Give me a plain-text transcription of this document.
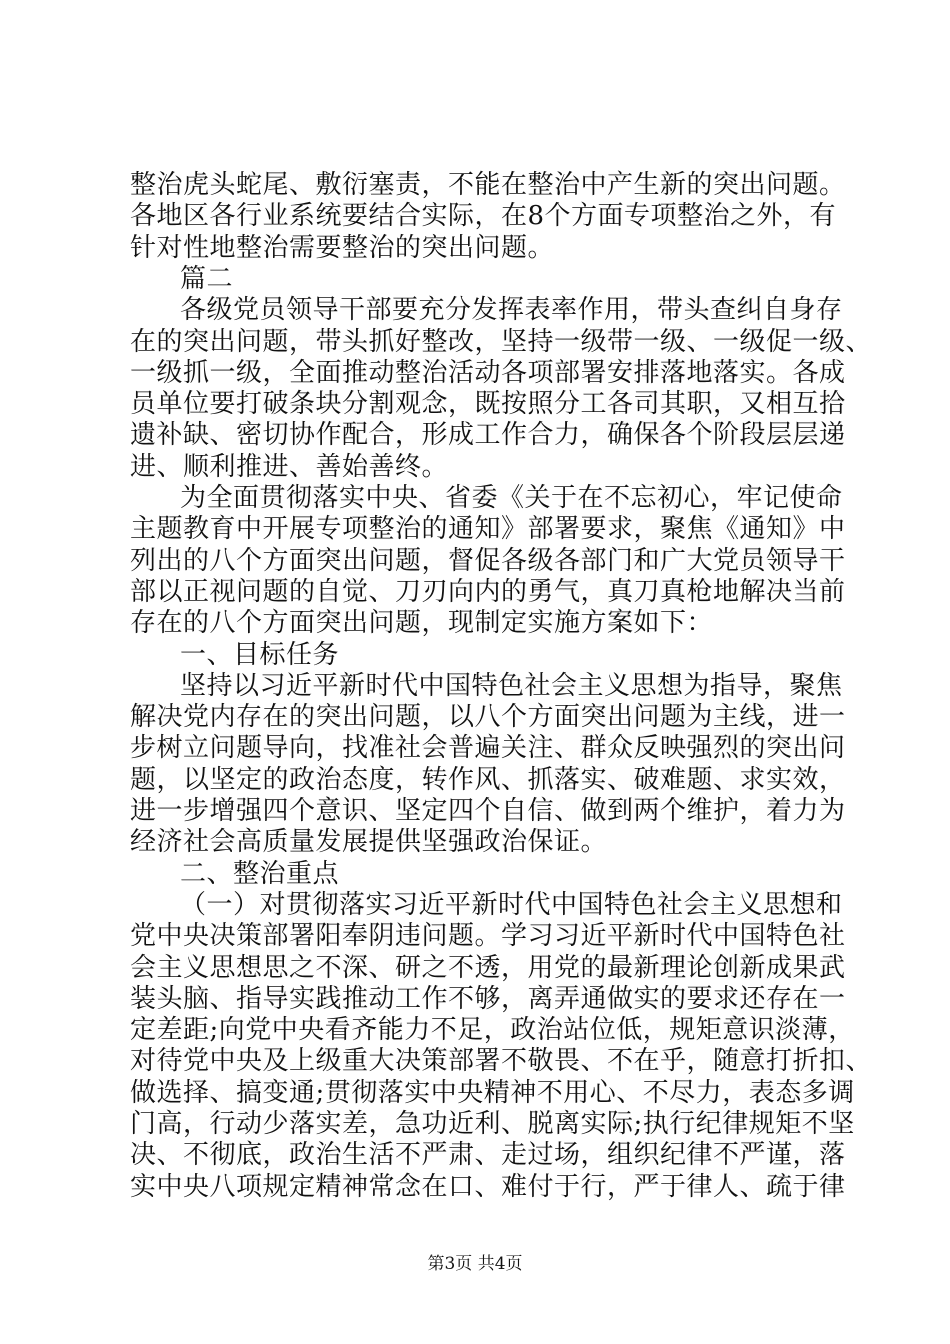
整治虎头蛇尾、敷衍塞责，不能在整治中产生新的突出问题。
各地区各行业系统要结合实际，在8个方面专项整治之外，有
针对性地整治需要整治的突出问题。
篇二
各级党员领导干部要充分发挥表率作用，带头查纠自身存
在的突出问题，带头抓好整改，坚持一级带一级、一级促一级、
一级抓一级，全面推动整治活动各项部署安排落地落实。各成
员单位要打破条块分割观念，既按照分工各司其职，又相互拾
遗补缺、密切协作配合，形成工作合力，确保各个阶段层层递
进、顺利推进、善始善终。
为全面贯彻落实中央、省委《关于在不忘初心，牢记使命
主题教育中开展专项整治的通知》部署要求，聚焦《通知》中
列出的八个方面突出问题，督促各级各部门和广大党员领导干
部以正视问题的自觉、刀刃向内的勇气，真刀真枪地解决当前
存在的八个方面突出问题，现制定实施方案如下：
一、目标任务
坚持以习近平新时代中国特色社会主义思想为指导，聚焦
解决党内存在的突出问题，以八个方面突出问题为主线，进一
步树立问题导向，找准社会普遍关注、群众反映强烈的突出问
题，以坚定的政治态度，转作风、抓落实、破难题、求实效，
进一步增强四个意识、坚定四个自信、做到两个维护，着力为
经济社会高质量发展提供坚强政治保证。
二、整治重点
（一）对贯彻落实习近平新时代中国特色社会主义思想和
党中央决策部署阳奉阴违问题。学习习近平新时代中国特色社
会主义思想思之不深、研之不透，用党的最新理论创新成果武
装头脑、指导实践推动工作不够，离弄通做实的要求还存在一
定差距;向党中央看齐能力不足，政治站位低，规矩意识淡薄，
对待党中央及上级重大决策部署不敬畏、不在乎，随意打折扣、
做选择、搞变通;贯彻落实中央精神不用心、不尽力，表态多调
门高，行动少落实差，急功近利、脱离实际;执行纪律规矩不坚
决、不彻底，政治生活不严肃、走过场，组织纪律不严谨，落
实中央八项规定精神常念在口、难付于行，严于律人、疏于律
第3页 共4页
